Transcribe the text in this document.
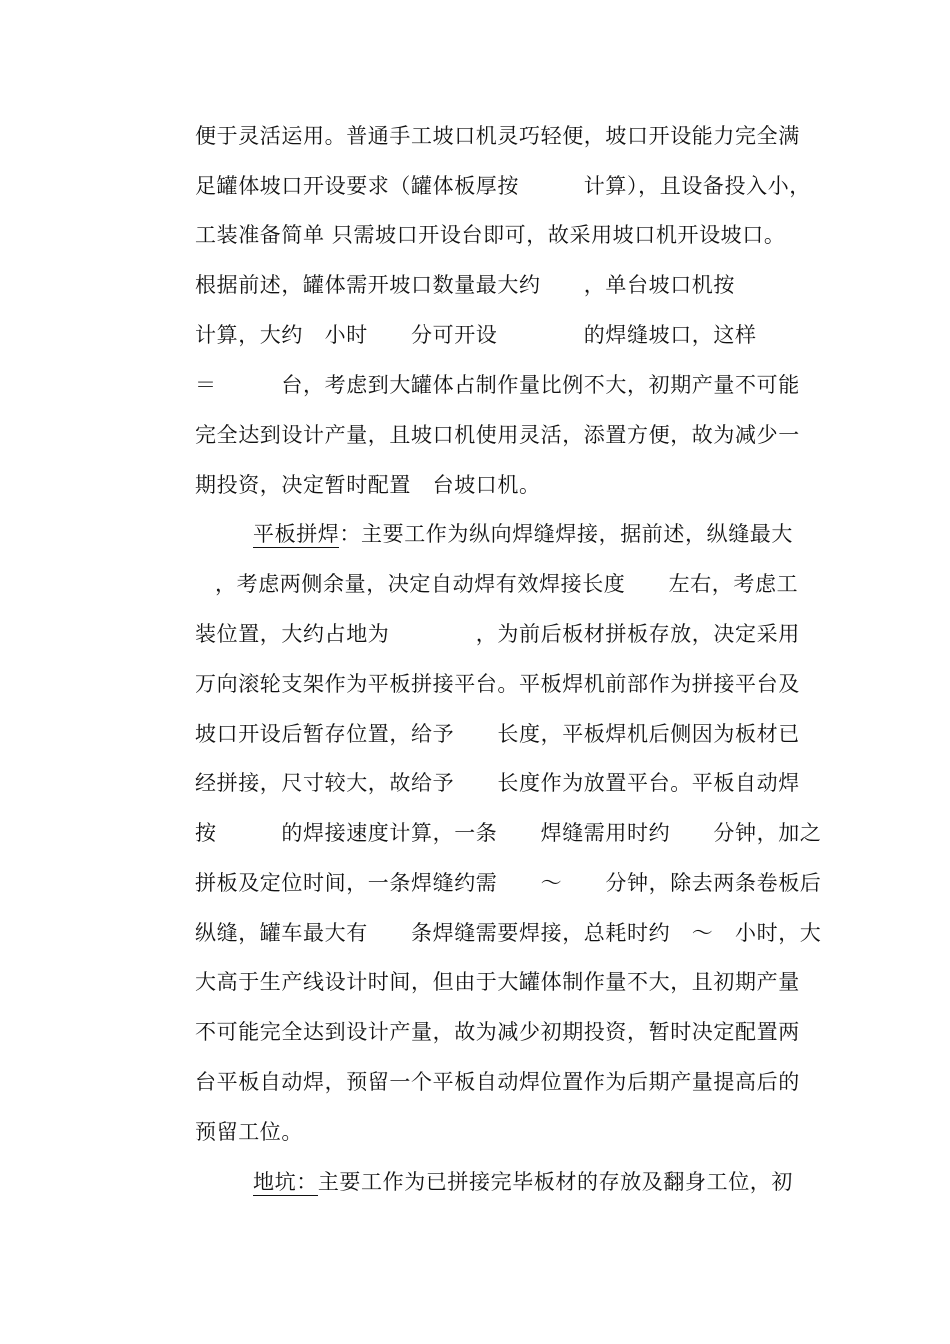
便于灵活运用。普通手工坡口机灵巧轻便，坡口开设能力完全满
足罐体坡口开设要求（罐体板厚按　　　计算），且设备投入小，
工装准备简单 只需坡口开设台即可，故采用坡口机开设坡口。
根据前述，罐体需开坡口数量最大约　　，单台坡口机按
计算，大约　小时　　分可开设　　　　的焊缝坡口，这样
＝　　　台，考虑到大罐体占制作量比例不大，初期产量不可能
完全达到设计产量，且坡口机使用灵活，添置方便，故为减少一
期投资，决定暂时配置　台坡口机。
平板拼焊：主要工作为纵向焊缝焊接，据前述，纵缝最大
，考虑两侧余量，决定自动焊有效焊接长度　　左右，考虑工
装位置，大约占地为　　　　，为前后板材拼板存放，决定采用
万向滚轮支架作为平板拼接平台。平板焊机前部作为拼接平台及
坡口开设后暂存位置，给予　　长度，平板焊机后侧因为板材已
经拼接，尺寸较大，故给予　　长度作为放置平台。平板自动焊
按　　　的焊接速度计算，一条　　焊缝需用时约　　分钟，加之
拼板及定位时间，一条焊缝约需　　～　　分钟，除去两条卷板后
纵缝，罐车最大有　　条焊缝需要焊接，总耗时约　～　小时，大
大高于生产线设计时间，但由于大罐体制作量不大，且初期产量
不可能完全达到设计产量，故为减少初期投资，暂时决定配置两
台平板自动焊，预留一个平板自动焊位置作为后期产量提高后的
预留工位。
地坑：主要工作为已拼接完毕板材的存放及翻身工位，初
